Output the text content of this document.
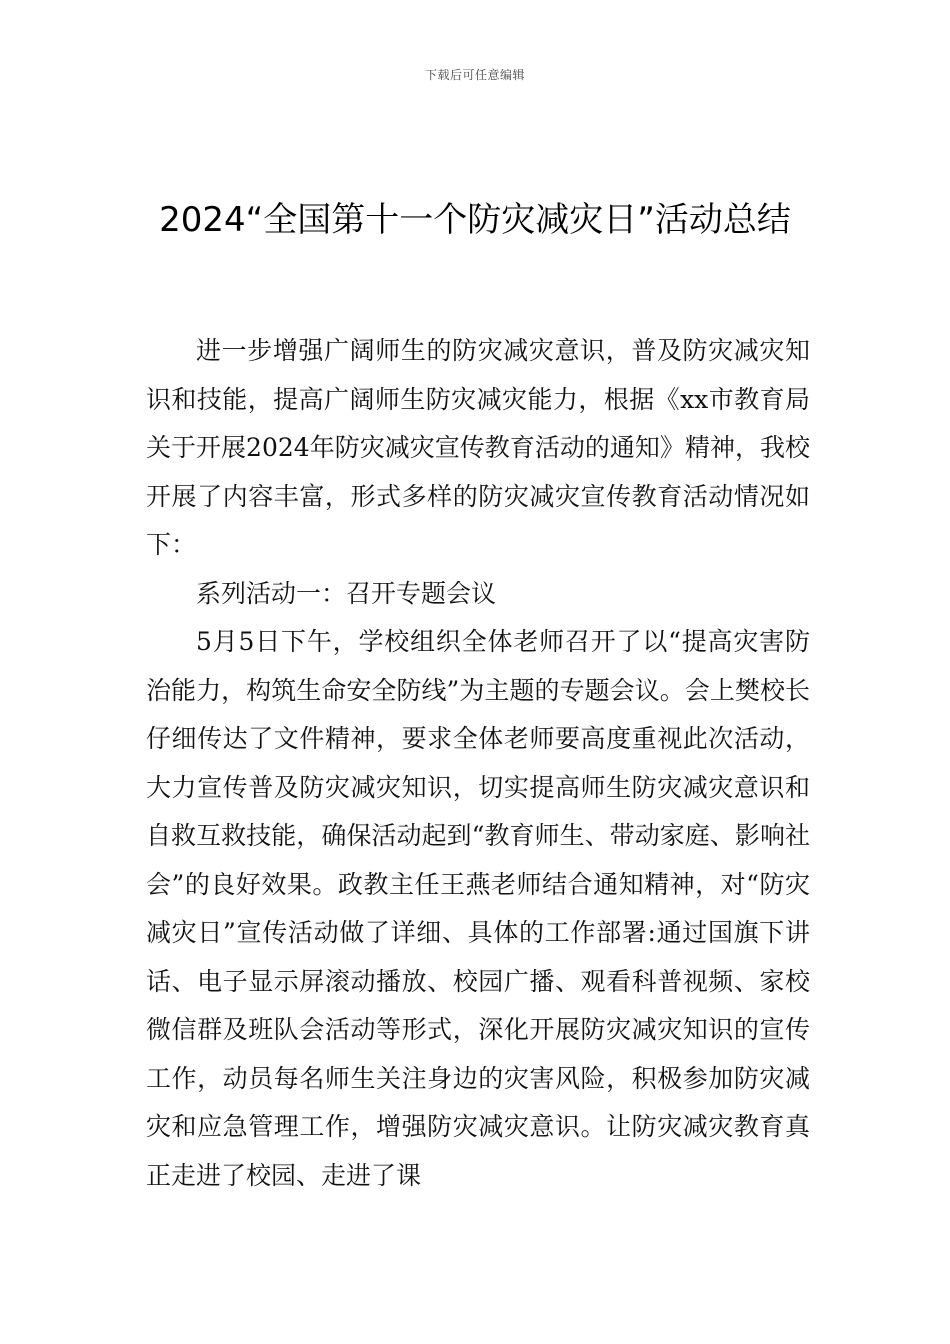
下载后可任意编辑
2024“全国第十一个防灾减灾日”活动总结

进一步增强广阔师生的防灾减灾意识，普及防灾减灾知识和技能，提高广阔师生防灾减灾能力，根据《xx市教育局关于开展2024年防灾减灾宣传教育活动的通知》精神，我校开展了内容丰富，形式多样的防灾减灾宣传教育活动情况如下：

系列活动一：召开专题会议

5月5日下午，学校组织全体老师召开了以“提高灾害防治能力，构筑生命安全防线”为主题的专题会议。会上樊校长仔细传达了文件精神，要求全体老师要高度重视此次活动，大力宣传普及防灾减灾知识，切实提高师生防灾减灾意识和自救互救技能，确保活动起到“教育师生、带动家庭、影响社会”的良好效果。政教主任王燕老师结合通知精神，对“防灾减灾日”宣传活动做了详细、具体的工作部署:通过国旗下讲话、电子显示屏滚动播放、校园广播、观看科普视频、家校微信群及班队会活动等形式，深化开展防灾减灾知识的宣传工作，动员每名师生关注身边的灾害风险，积极参加防灾减灾和应急管理工作，增强防灾减灾意识。让防灾减灾教育真正走进了校园、走进了课
